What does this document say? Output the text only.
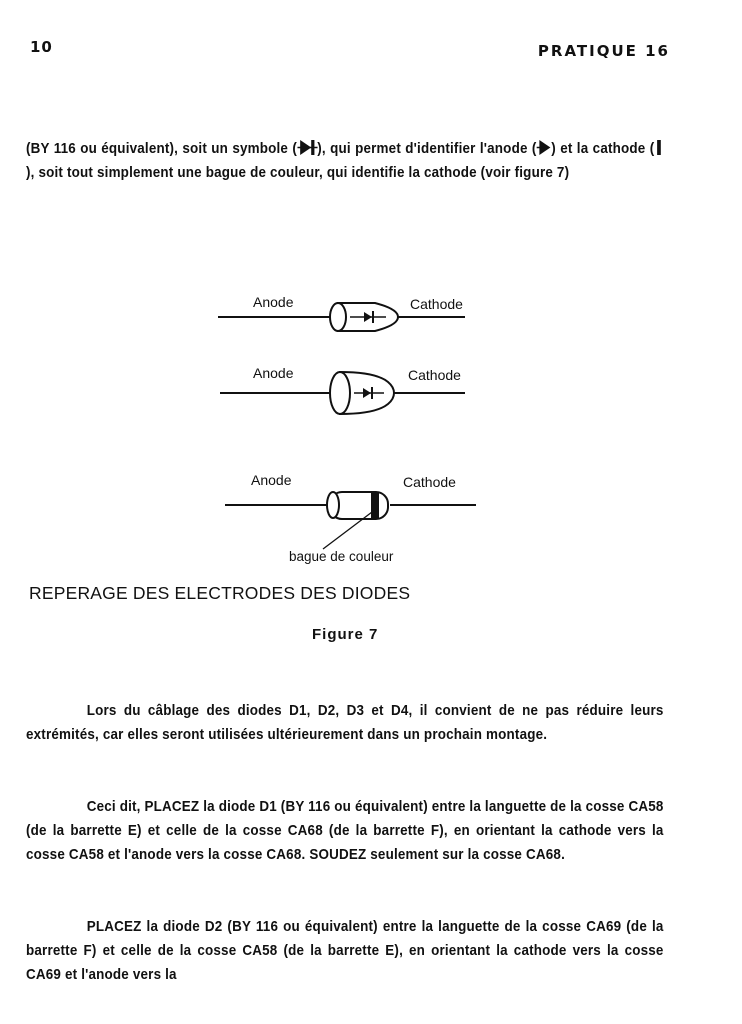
10	PRATIQUE 16

(BY 116 ou équivalent), soit un symbole ( ), qui permet d'identifier l'anode ( ) et la cathode (), soit tout simplement une bague de couleur, qui identifie la cathode (voir figure 7)

Anode	Cathode
Anode	Cathode
Anode	Cathode
bague de couleur
REPERAGE DES ELECTRODES DES DIODES
Figure 7

Lors du câblage des diodes D1, D2, D3 et D4, il convient de ne pas réduire leurs extrémités, car elles seront utilisées ultérieurement dans un prochain montage.

Ceci dit, PLACEZ la diode D1 (BY 116 ou équivalent) entre la languette de la cosse CA58 (de la barrette E) et celle de la cosse CA68 (de la barrette F), en orientant la cathode vers la cosse CA58 et l'anode vers la cosse CA68. SOUDEZ seulement sur la cosse CA68.

PLACEZ la diode D2 (BY 116 ou équivalent) entre la languette de la cosse CA69 (de la barrette F) et celle de la cosse CA58 (de la barrette E), en orientant la cathode vers la cosse CA69 et l'anode vers la
